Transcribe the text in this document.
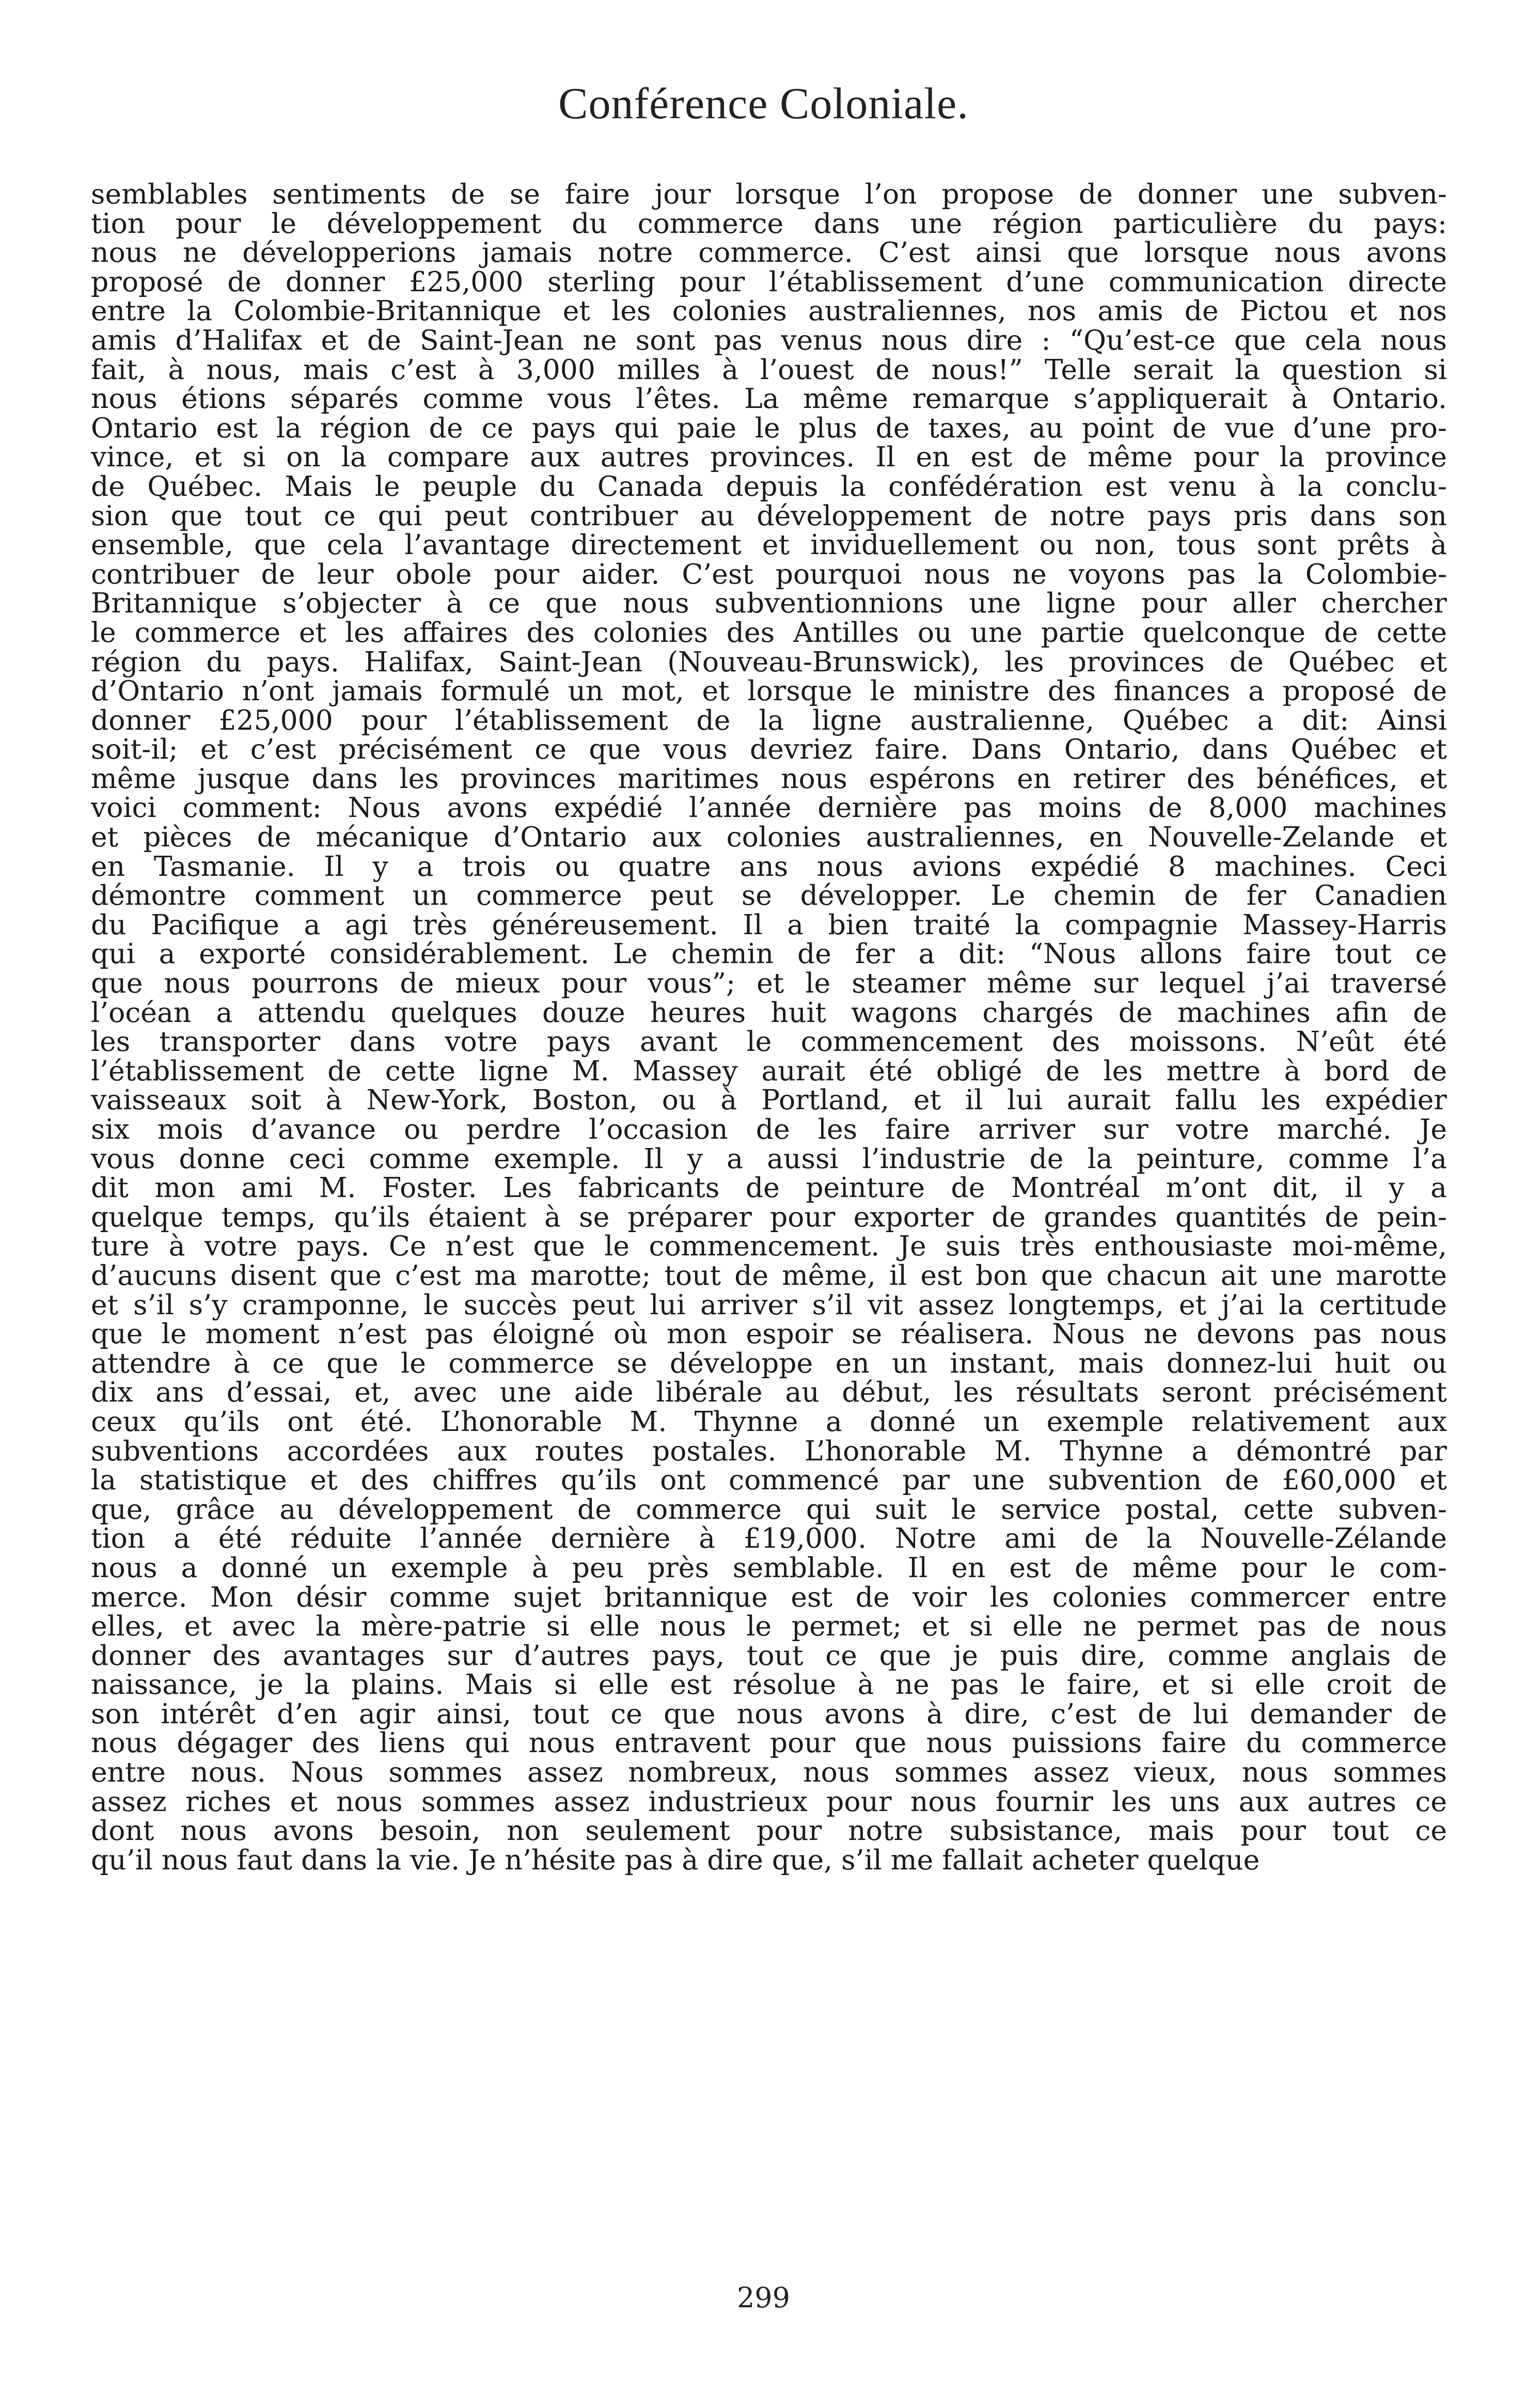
Conférence Coloniale.
semblables sentiments de se faire jour lorsque l’on propose de donner une subven-
tion pour le développement du commerce dans une région particulière du pays:
nous ne développerions jamais notre commerce. C’est ainsi que lorsque nous avons
proposé de donner £25,000 sterling pour l’établissement d’une communication directe
entre la Colombie-Britannique et les colonies australiennes, nos amis de Pictou et nos
amis d’Halifax et de Saint-Jean ne sont pas venus nous dire : “Qu’est-ce que cela nous
fait, à nous, mais c’est à 3,000 milles à l’ouest de nous!” Telle serait la question si
nous étions séparés comme vous l’êtes. La même remarque s’appliquerait à Ontario.
Ontario est la région de ce pays qui paie le plus de taxes, au point de vue d’une pro-
vince, et si on la compare aux autres provinces. Il en est de même pour la province
de Québec. Mais le peuple du Canada depuis la confédération est venu à la conclu-
sion que tout ce qui peut contribuer au développement de notre pays pris dans son
ensemble, que cela l’avantage directement et inviduellement ou non, tous sont prêts à
contribuer de leur obole pour aider. C’est pourquoi nous ne voyons pas la Colombie-
Britannique s’objecter à ce que nous subventionnions une ligne pour aller chercher
le commerce et les affaires des colonies des Antilles ou une partie quelconque de cette
région du pays. Halifax, Saint-Jean (Nouveau-Brunswick), les provinces de Québec et
d’Ontario n’ont jamais formulé un mot, et lorsque le ministre des finances a proposé de
donner £25,000 pour l’établissement de la ligne australienne, Québec a dit: Ainsi
soit-il; et c’est précisément ce que vous devriez faire. Dans Ontario, dans Québec et
même jusque dans les provinces maritimes nous espérons en retirer des bénéfices, et
voici comment: Nous avons expédié l’année dernière pas moins de 8,000 machines
et pièces de mécanique d’Ontario aux colonies australiennes, en Nouvelle-Zelande et
en Tasmanie. Il y a trois ou quatre ans nous avions expédié 8 machines. Ceci
démontre comment un commerce peut se développer. Le chemin de fer Canadien
du Pacifique a agi très généreusement. Il a bien traité la compagnie Massey-Harris
qui a exporté considérablement. Le chemin de fer a dit: “Nous allons faire tout ce
que nous pourrons de mieux pour vous”; et le steamer même sur lequel j’ai traversé
l’océan a attendu quelques douze heures huit wagons chargés de machines afin de
les transporter dans votre pays avant le commencement des moissons. N’eût été
l’établissement de cette ligne M. Massey aurait été obligé de les mettre à bord de
vaisseaux soit à New-York, Boston, ou à Portland, et il lui aurait fallu les expédier
six mois d’avance ou perdre l’occasion de les faire arriver sur votre marché. Je
vous donne ceci comme exemple. Il y a aussi l’industrie de la peinture, comme l’a
dit mon ami M. Foster. Les fabricants de peinture de Montréal m’ont dit, il y a
quelque temps, qu’ils étaient à se préparer pour exporter de grandes quantités de pein-
ture à votre pays. Ce n’est que le commencement. Je suis très enthousiaste moi-même,
d’aucuns disent que c’est ma marotte; tout de même, il est bon que chacun ait une marotte
et s’il s’y cramponne, le succès peut lui arriver s’il vit assez longtemps, et j’ai la certitude
que le moment n’est pas éloigné où mon espoir se réalisera. Nous ne devons pas nous
attendre à ce que le commerce se développe en un instant, mais donnez-lui huit ou
dix ans d’essai, et, avec une aide libérale au début, les résultats seront précisément
ceux qu’ils ont été. L’honorable M. Thynne a donné un exemple relativement aux
subventions accordées aux routes postales. L’honorable M. Thynne a démontré par
la statistique et des chiffres qu’ils ont commencé par une subvention de £60,000 et
que, grâce au développement de commerce qui suit le service postal, cette subven-
tion a été réduite l’année dernière à £19,000. Notre ami de la Nouvelle-Zélande
nous a donné un exemple à peu près semblable. Il en est de même pour le com-
merce. Mon désir comme sujet britannique est de voir les colonies commercer entre
elles, et avec la mère-patrie si elle nous le permet; et si elle ne permet pas de nous
donner des avantages sur d’autres pays, tout ce que je puis dire, comme anglais de
naissance, je la plains. Mais si elle est résolue à ne pas le faire, et si elle croit de
son intérêt d’en agir ainsi, tout ce que nous avons à dire, c’est de lui demander de
nous dégager des liens qui nous entravent pour que nous puissions faire du commerce
entre nous. Nous sommes assez nombreux, nous sommes assez vieux, nous sommes
assez riches et nous sommes assez industrieux pour nous fournir les uns aux autres ce
dont nous avons besoin, non seulement pour notre subsistance, mais pour tout ce
qu’il nous faut dans la vie. Je n’hésite pas à dire que, s’il me fallait acheter quelque
299
